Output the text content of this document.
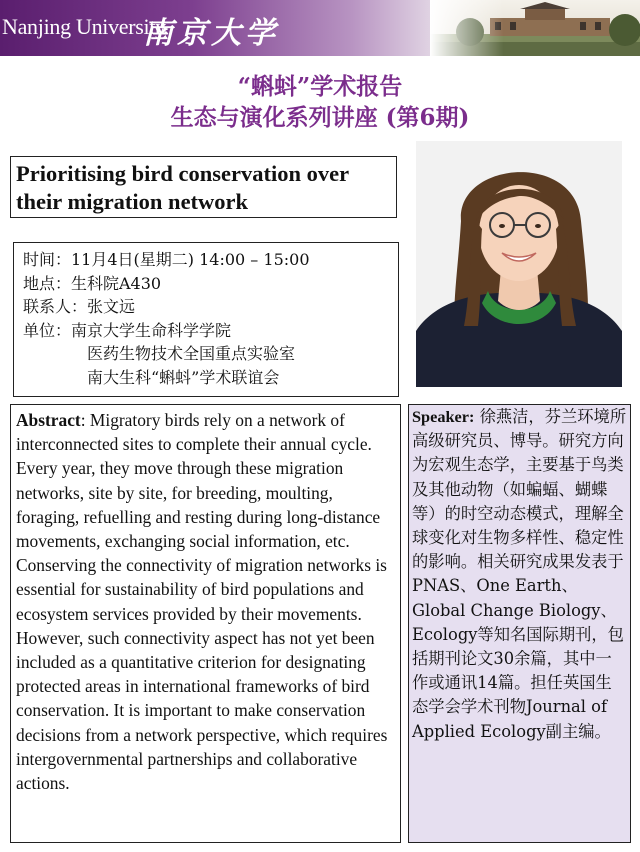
Nanjing University
南京大学
“蝌蚪”学术报告
生态与演化系列讲座 (第6期)
Prioritising bird conservation over their migration network
时间：11月4日(星期二) 14:00 – 15:00
地点：生科院A430
联系人：张文远
单位：南京大学生命科学学院
医药生物技术全国重点实验室
南大生科“蝌蚪”学术联谊会
Abstract: Migratory birds rely on a network of interconnected sites to complete their annual cycle. Every year, they move through these migration networks, site by site, for breeding, moulting, foraging, refuelling and resting during long-distance movements, exchanging social information, etc. Conserving the connectivity of migration networks is essential for sustainability of bird populations and ecosystem services provided by their movements. However, such connectivity aspect has not yet been included as a quantitative criterion for designating protected areas in international frameworks of bird conservation. It is important to make conservation decisions from a network perspective, which requires intergovernmental partnerships and collaborative actions.
Speaker: 徐燕洁，芬兰环境所高级研究员、博导。研究方向为宏观生态学，主要基于鸟类及其他动物（如蝙蝠、蝴蝶等）的时空动态模式，理解全球变化对生物多样性、稳定性的影响。相关研究成果发表于PNAS、One Earth、Global Change Biology、Ecology等知名国际期刊，包括期刊论文30余篇，其中一作或通讯14篇。担任英国生态学会学术刊物Journal of Applied Ecology副主编。
